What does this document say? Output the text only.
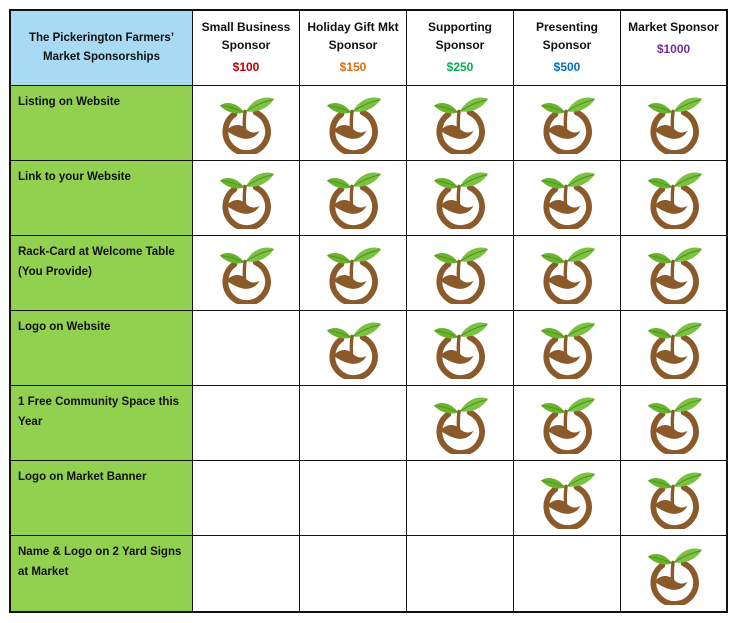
The Pickerington Farmers’ Market Sponsorships
Small Business Sponsor
$100
Holiday Gift Mkt Sponsor
$150
Supporting Sponsor
$250
Presenting Sponsor
$500
Market Sponsor
$1000
Listing on Website
Link to your Website
Rack-Card at Welcome Table (You Provide)
Logo on Website
1 Free Community Space this Year
Logo on Market Banner
Name & Logo on 2 Yard Signs at Market
